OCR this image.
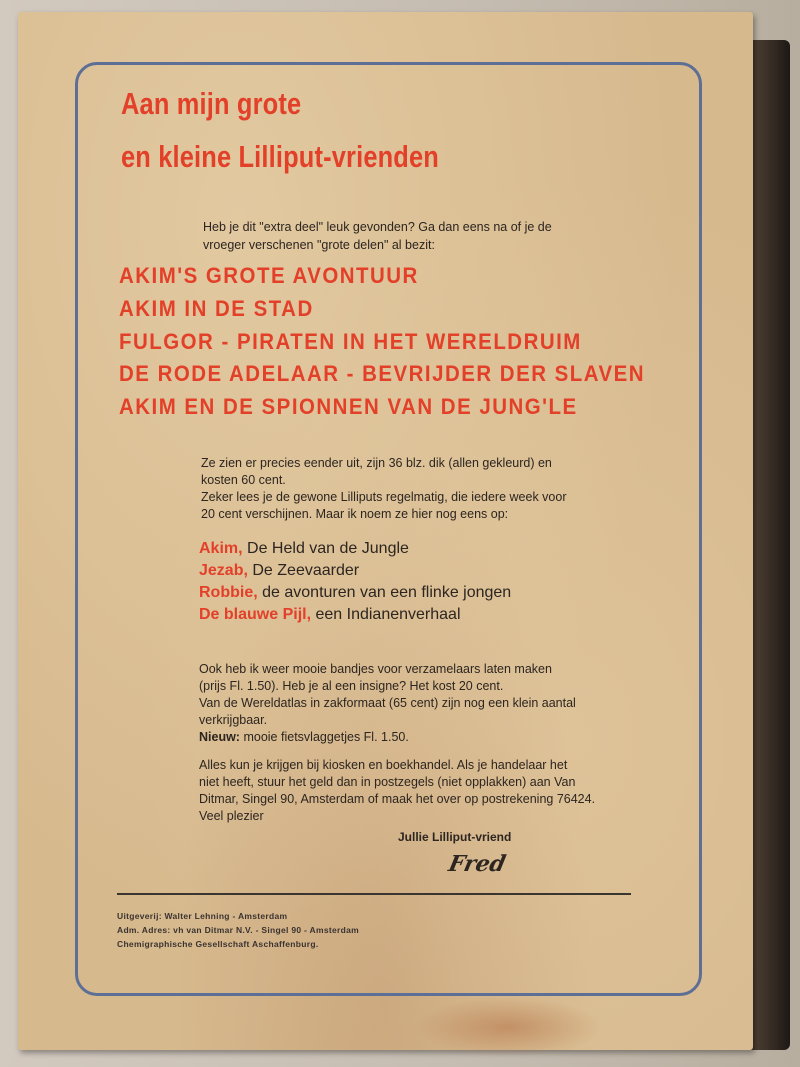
Aan mijn grote
en kleine Lilliput-vrienden
Heb je dit "extra deel" leuk gevonden? Ga dan eens na of je de
vroeger verschenen "grote delen" al bezit:
AKIM'S GROTE AVONTUUR
AKIM IN DE STAD
FULGOR - PIRATEN IN HET WERELDRUIM
DE RODE ADELAAR - BEVRIJDER DER SLAVEN
AKIM EN DE SPIONNEN VAN DE JUNG'LE
Ze zien er precies eender uit, zijn 36 blz. dik (allen gekleurd) en
kosten 60 cent.
Zeker lees je de gewone Lilliputs regelmatig, die iedere week voor
20 cent verschijnen. Maar ik noem ze hier nog eens op:
Akim, De Held van de Jungle
Jezab, De Zeevaarder
Robbie, de avonturen van een flinke jongen
De blauwe Pijl, een Indianenverhaal
Ook heb ik weer mooie bandjes voor verzamelaars laten maken
(prijs Fl. 1.50). Heb je al een insigne? Het kost 20 cent.
Van de Wereldatlas in zakformaat (65 cent) zijn nog een klein aantal
verkrijgbaar.
Nieuw: mooie fietsvlaggetjes Fl. 1.50.
Alles kun je krijgen bij kiosken en boekhandel. Als je handelaar het
niet heeft, stuur het geld dan in postzegels (niet opplakken) aan Van
Ditmar, Singel 90, Amsterdam of maak het over op postrekening 76424.
Veel plezier
Jullie Lilliput-vriend
Fred
Uitgeverij: Walter Lehning - Amsterdam
Adm. Adres: vh van Ditmar N.V. - Singel 90 - Amsterdam
Chemigraphische Gesellschaft Aschaffenburg.
